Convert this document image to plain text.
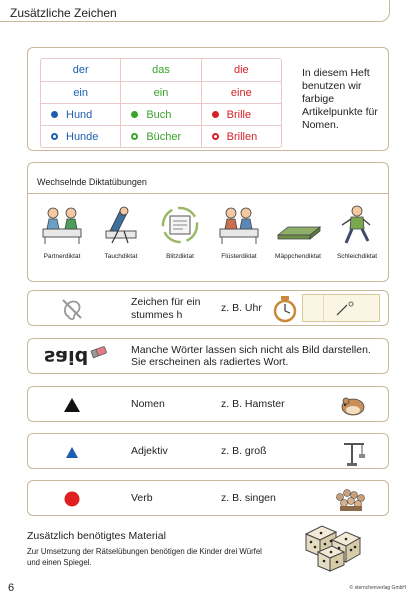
Zusätzliche Zeichen
der	das	die
ein	ein	eine
Hund	Buch	Brille
Hunde	Bücher	Brillen
In diesem Heft benutzen wir farbige Artikelpunkte für Nomen.
Wechselnde Diktatübungen
Partnerdiktat	Tauchdiktat	Blitzdiktat	Flüsterdiktat	Mäppchendiktat	Schleichdiktat
Zeichen für ein
stummes h
z. B. Uhr
said	Manche Wörter lassen sich nicht als Bild darstellen.
Sie erscheinen als radiertes Wort.
Nomen	z. B. Hamster
Adjektiv	z. B. groß
Verb	z. B. singen
Zusätzlich benötigtes Material

Zur Umsetzung der Rätselübungen benötigen die Kinder drei Würfel und einen Spiegel.

6	© sternchenverlag GmbH
